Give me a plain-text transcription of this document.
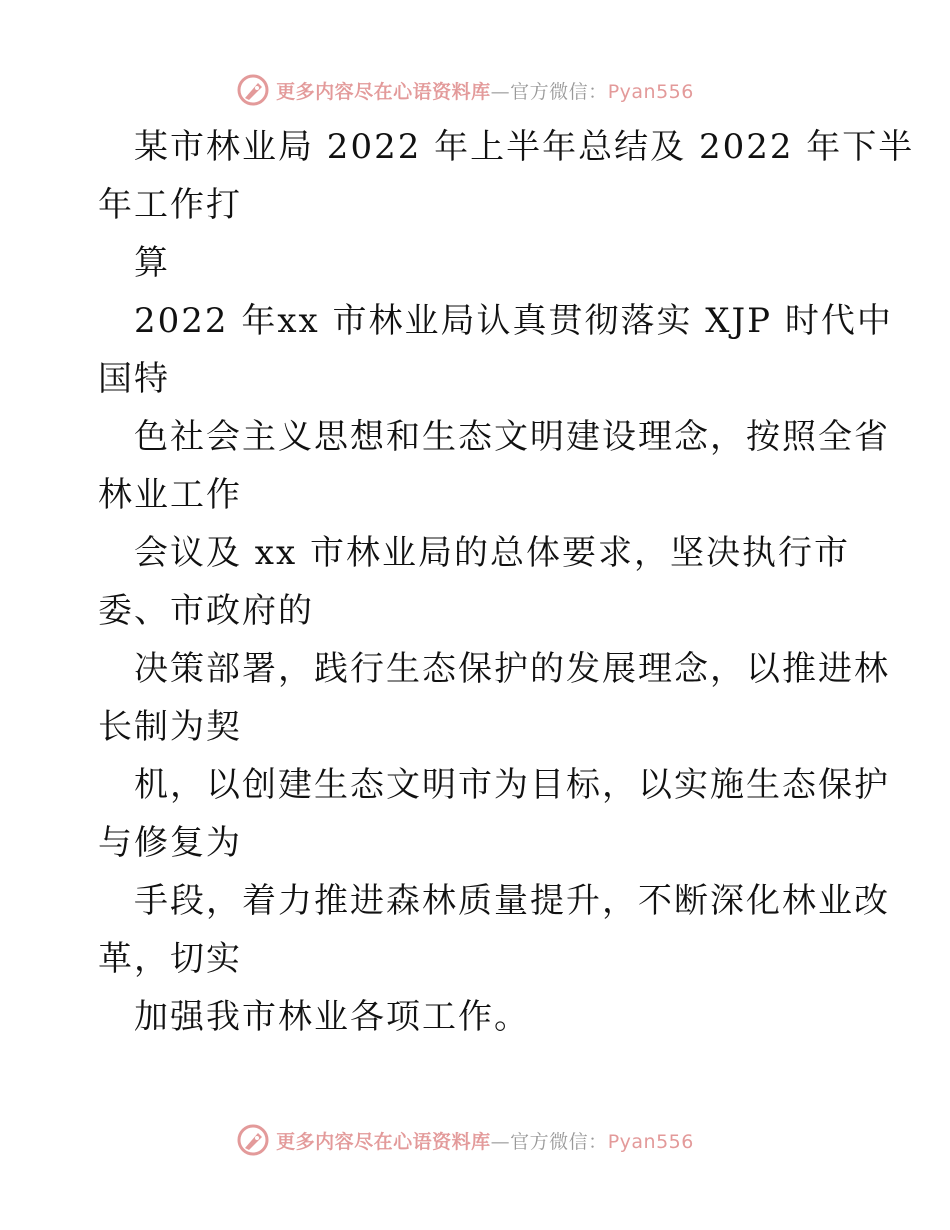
更多内容尽在心语资料库—官方微信：Pyan556
某市林业局 2022 年上半年总结及 2022 年下半
年工作打
算
2022 年xx 市林业局认真贯彻落实 XJP 时代中
国特
色社会主义思想和生态文明建设理念，按照全省
林业工作
会议及 xx 市林业局的总体要求，坚决执行市
委、市政府的
决策部署，践行生态保护的发展理念，以推进林
长制为契
机，以创建生态文明市为目标，以实施生态保护
与修复为
手段，着力推进森林质量提升，不断深化林业改
革，切实
加强我市林业各项工作。
更多内容尽在心语资料库—官方微信：Pyan556
